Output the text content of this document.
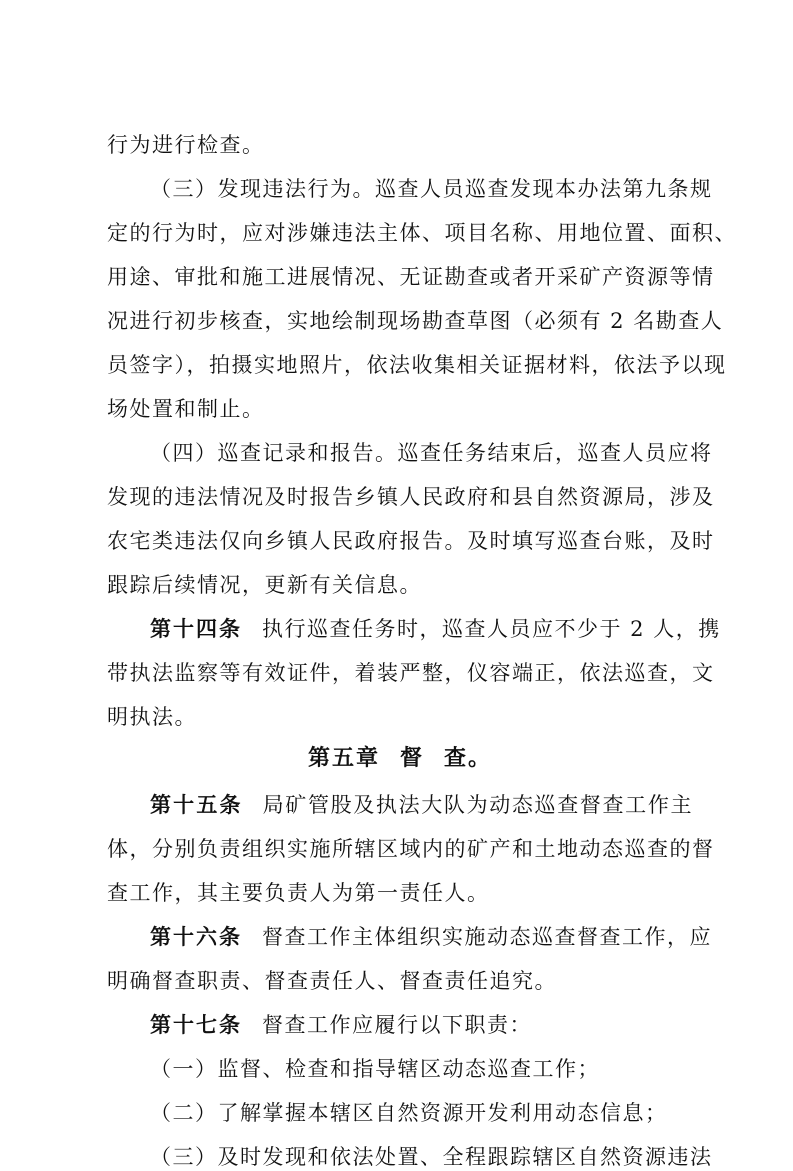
行为进行检查。
（三）发现违法行为。巡查人员巡查发现本办法第九条规
定的行为时，应对涉嫌违法主体、项目名称、用地位置、面积、
用途、审批和施工进展情况、无证勘查或者开采矿产资源等情
况进行初步核查，实地绘制现场勘查草图（必须有 2 名勘查人
员签字），拍摄实地照片，依法收集相关证据材料，依法予以现
场处置和制止。
（四）巡查记录和报告。巡查任务结束后，巡查人员应将
发现的违法情况及时报告乡镇人民政府和县自然资源局，涉及
农宅类违法仅向乡镇人民政府报告。及时填写巡查台账，及时
跟踪后续情况，更新有关信息。
第十四条 执行巡查任务时，巡查人员应不少于 2 人，携
带执法监察等有效证件，着装严整，仪容端正，依法巡查，文
明执法。
第五章 督 查。
第十五条 局矿管股及执法大队为动态巡查督查工作主
体，分别负责组织实施所辖区域内的矿产和土地动态巡查的督
查工作，其主要负责人为第一责任人。
第十六条 督查工作主体组织实施动态巡查督查工作，应
明确督查职责、督查责任人、督查责任追究。
第十七条 督查工作应履行以下职责：
（一）监督、检查和指导辖区动态巡查工作；
（二）了解掌握本辖区自然资源开发利用动态信息；
（三）及时发现和依法处置、全程跟踪辖区自然资源违法
